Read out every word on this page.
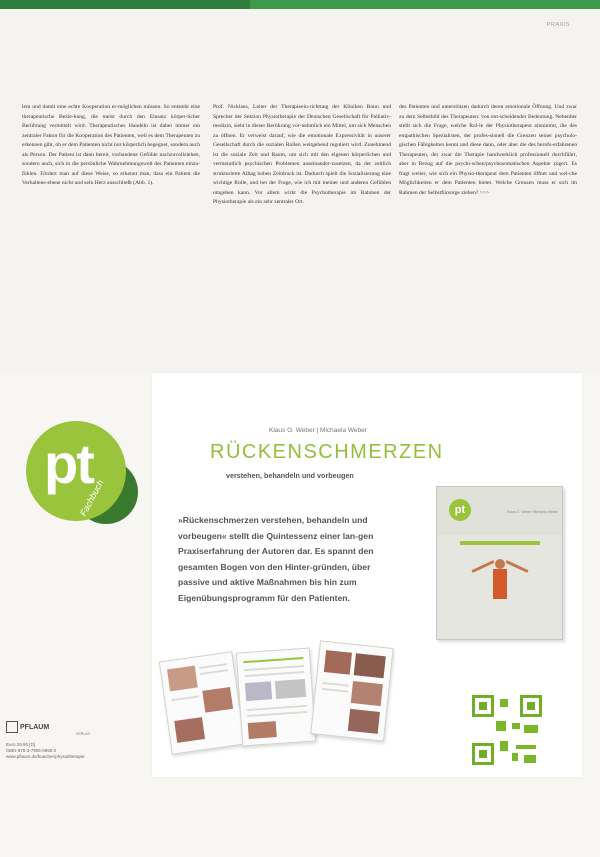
PRAXIS

lem und damit eine echte Kooperation er-möglichen müssen. So entsteht eine therapeutische Bezie-hung, die meist durch den Einsatz körper-licher Berührung vermittelt wird. Therapeutisches Handeln ist dabei immer ein zentraler Faktor für die Kooperation des Patienten, weil es dem Therapeuten zu erkennen gibt, ob er dem Patienten nicht nur körperlich begegnet, sondern auch als Person. Der Patient ist dann bereit, vorhandene Gefühle nachzuvollziehen, sondern auch, sich in die persönliche Wahrnehmungswelt des Patienten einzu-fühlen. Fördert man auf diese Weise, so erkennt man, dass ein Patient die Verhaltens-ebene nicht und sein Herz ausschließt (Abb. 1).

Prof. Nicklaus, Leiter der Therapieein-richtung der Kliniken Bonn und Sprecher der Sektion Physiotherapie der Deutschen Gesellschaft für Palliativ-medizin, sieht in dieser Berührung vor-nehmlich ein Mittel, um sich Menschen zu öffnen. Er verweist darauf, wie die emotionale Expressivität in unserer Gesellschaft durch die sozialen Rollen weitgehend reguliert wird. Zunehmend ist die soziale Zeit und Raum, um sich mit den eigenen körperlichen und vermeintlich psychischen Problemen auseinander-zusetzen, da der zeitlich strukturierte Alltag hohen Zeitdruck ist. Dadurch spielt die Sozialisierung eine wichtige Rolle, und bei der Frage, wie ich mit meiner und anderen Gefühlen umgehen kann. Vor allem wirkt die Psychotherapie im Rahmen der Physiotherapie als ein sehr zentraler Ort.

des Patienten und unterstützen dadurch deren emotionale Öffnung. Und zwar zu dem Selbstbild des Therapeuten: von ent-scheidender Bedeutung. Nebenher stellt sich die Frage, welche Rol-le der Physiotherapeut einnimmt, die des empathischen Spezialisten, der profes-sionell die Grenzen seiner psycholo-gischen Fähigkeiten kennt und diese dann, oder aber die des berufs-erfahrenen Therapeuten, der zwar die Therapie handwerklich professionell durchführt, aber in Bezug auf die psychi-schen/psychosomatischen Aspekte zögert. Es fragt weiter, wie sich ein Physio-therapeut dem Patienten öffnet und wel-che Möglichkeiten er dem Patienten bietet. Welche Grenzen muss er sich im Rahmen der Selbstfürsorge ziehen? >>>

pt
Fachbuch
Klaus G. Weber | Michaela Weber
RÜCKENSCHMERZEN
verstehen, behandeln und vorbeugen
»Rückenschmerzen verstehen, behandeln und vorbeugen« stellt die Quintessenz einer lan-gen Praxiserfahrung der Autoren dar. Es spannt den gesamten Bogen von den Hinter-gründen, über passive und aktive Maßnahmen bis hin zum Eigenübungsprogramm für den Patienten.
pt	Klaus G. Weber Michaela Weber
PFLAUM
VERLAG
Euro 29,90 [D]
ISBN 978-3-7905-0955-2
www.pflaum.de/buecher/physiotherapie
